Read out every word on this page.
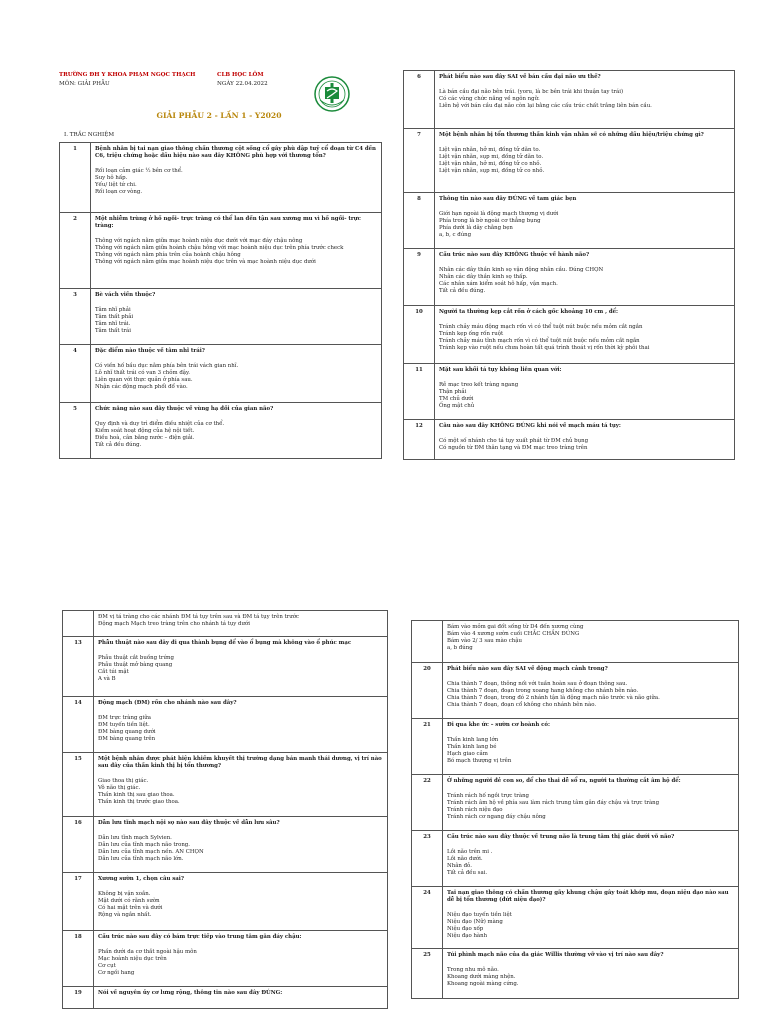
TRƯỜNG ĐH Y KHOA PHẠM NGỌC THẠCH
MÔN: GIẢI PHẪU
CLB HỌC LÔM
NGÀY 22.04.2022
GIẢI PHẪU 2 - LẦN 1 - Y2020
I. TRẮC NGHIỆM
1	Bệnh nhân bị tai nạn giao thông chấn thương cột sống cổ gây phù dập tuỷ cổ đoạn từ C4 đến C6, triệu chứng hoặc dấu hiệu nào sau đây KHÔNG phù hợp với thương tổn?
Rối loạn cảm giác ½ bên cơ thể.
Suy hô hấp.
Yếu/ liệt tứ chi.
Rối loạn cơ vòng.

2	Một nhiễm trùng ở hố ngồi- trực tràng có thể lan đến tận sau xương mu vì hố ngồi- trực tràng:
Thông với ngách nằm giữa mạc hoành niệu dục dưới với mạc đáy chậu nông
Thông với ngách nằm giữa hoành chậu hông với mạc hoành niệu dục trên phía trước check
Thông với ngách nằm phía trên của hoành chậu hông
Thông với ngách nằm giữa mạc hoành niệu dục trên và mạc hoành niệu dục dưới

3	Bè vách viền thuộc?
Tâm nhĩ phải
Tâm thất phải
Tâm nhĩ trái.
Tâm thất trái

4	Đặc điểm nào thuộc về tâm nhĩ trái?
Có viền hố bầu dục nằm phía bên trái vách gian nhĩ.
Lỗ nhĩ thất trái có van 3 chỏm đậy.
Liên quan với thực quản ở phía sau.
Nhận các động mạch phổi đổ vào.

5	Chức năng nào sau đây thuộc về vùng hạ đồi của gian não?
Quy định và duy trì điểm điều nhiệt của cơ thể.
Kiểm soát hoạt động của hệ nội tiết.
Điều hoà, cân bằng nước – điện giải.
Tất cả đều đúng.
6	Phát biểu nào sau đây SAI về bán cầu đại não ưu thế?
Là bán cầu đại não bên trái. (yoru, là bc bên trái khi thuận tay trái)
Có các vùng chức năng về ngôn ngữ.
Liên hệ với bán cầu đại não còn lại bằng các cấu trúc chất trắng liên bán cầu.

7	Một bệnh nhân bị tổn thương thần kinh vận nhãn sẽ có những dấu hiệu/triệu chứng gì?
Liệt vận nhãn, hở mi, đồng tử dãn to.
Liệt vận nhãn, sụp mi, đồng tử dãn to.
Liệt vận nhãn, hở mi, đồng tử co nhỏ.
Liệt vận nhãn, sụp mi, đồng tử co nhỏ.

8	Thông tin nào sau đây ĐÚNG về tam giác bẹn
Giới hạn ngoài là động mạch thượng vị dưới
Phía trong là bờ ngoài cơ thẳng bụng
Phía dưới là dây chằng bẹn
a, b, c đúng

9	Cấu trúc nào sau đây KHÔNG thuộc về hành não?
Nhân các dây thần kinh sọ vận động nhãn cầu. Đúng CHỌN
Nhân các dây thần kinh sọ thấp.
Các nhân xám kiểm soát hô hấp, vận mạch.
Tất cả đều đúng.

10	Người ta thường kẹp cắt rốn ở cách gốc khoảng 10 cm , để:
Tránh chảy máu động mạch rốn vì có thể tuột nút buộc nếu mỏm cắt ngắn
Tránh kẹp ống rốn ruột
Tránh chảy máu tĩnh mạch rốn vì có thể tuột nút buộc nếu mỏm cắt ngắn
Tránh kẹp vào ruột nếu chưa hoàn tất quá trình thoát vị rốn thời kỳ phôi thai

11	Mặt sau khối tá tụy không liên quan với:
Rễ mạc treo kết tràng ngang
Thận phải
TM chủ dưới
Ống mật chủ

12	Câu nào sau đây KHÔNG ĐÚNG khi nói về mạch máu tá tụy:
Có một số nhánh cho tá tụy xuất phát từ ĐM chủ bụng
Có nguồn từ ĐM thân tạng và ĐM mạc treo tràng trên

	ĐM vị tá tràng cho các nhánh ĐM tá tụy trên sau và ĐM tá tụy trên trước
Động mạch Mạch treo tràng trên cho nhánh tá tụy dưới

13	Phẫu thuật nào sau đây đi qua thành bụng để vào ổ bụng mà không vào ổ phúc mạc
Phẫu thuật cắt buồng trứng
Phẫu thuật mở bàng quang
Cắt túi mật
A và B

14	Động mạch (ĐM) rốn cho nhánh nào sau đây?
ĐM trực tràng giữa
ĐM tuyến tiền liệt.
ĐM bàng quang dưới
ĐM bàng quang trên

15	Một bệnh nhân được phát hiện khiếm khuyết thị trường dạng bán manh thái dương, vị trí nào sau đây của thần kinh thị bị tổn thương?
Giao thoa thị giác.
Võ não thị giác.
Thần kinh thị sau giao thoa.
Thần kinh thị trước giao thoa.

16	Dẫn lưu tĩnh mạch nội sọ nào sau đây thuộc về dẫn lưu sâu?
Dẫn lưu tĩnh mạch Sylvien.
Dẫn lưu của tĩnh mạch não trong.
Dẫn lưu của tĩnh mạch nền. AN CHỌN
Dẫn lưu của tĩnh mạch não lớn.

17	Xương sườn 1, chọn câu sai?
Không bị vặn xoắn.
Mặt dưới có rãnh sườn
Có hai mặt trên và dưới
Rộng và ngắn nhất.

18	Cấu trúc nào sau đây có bám trực tiếp vào trung tâm gân đáy chậu:
Phần dưới da cơ thắt ngoài hậu môn
Mạc hoành niệu dục trên
Cơ cụt
Cơ ngồi hang

19	Nói về nguyên ủy cơ lưng rộng, thông tin nào sau đây ĐÚNG:

	Bám vào mỏm gai đốt sống từ D4 đến xương cùng
Bám vào 4 xương sườn cuối CHẮC CHẮN ĐÚNG
Bám vào 2/ 3 sau mào chậu
a, b đúng

20	Phát biểu nào sau đây SAI về động mạch cảnh trong?
Chia thành 7 đoạn, thông nối với tuần hoàn sau ở đoạn thông sau.
Chia thành 7 đoạn, đoạn trong xoang hang không cho nhánh bên nào.
Chia thành 7 đoạn, trong đó 2 nhánh tận là động mạch não trước và não giữa.
Chia thành 7 đoạn, đoạn cổ không cho nhánh bên nào.

21	Đi qua khe ức – sườn cơ hoành có:
Thần kinh lang lớn
Thần kinh lang bé
Hạch giao cảm
Bó mạch thượng vị trên

22	Ở những người đẻ con so, để cho thai dễ sổ ra, người ta thường cắt âm hộ để:
Tránh rách hố ngồi trực tràng
Tránh rách âm hộ về phía sau làm rách trung tâm gân đáy chậu và trực tràng
Tránh rách niệu đạo
Tránh rách cơ ngang đáy chậu nông

23	Cấu trúc nào sau đây thuộc về trung não là trung tâm thị giác dưới võ não?
Lồi não trên mi .
Lồi não dưới.
Nhân đỏ.
Tất cả đều sai.

24	Tai nạn giao thông có chấn thương gãy khung chậu gây toát khớp mu, đoạn niệu đạo nào sau dễ bị tổn thương (đứt niệu đạo)?
Niệu đạo tuyến tiền liệt
Niệu đạo (Nữ) màng
Niệu đạo xốp
Niệu đạo hành

25	Túi phình mạch não của đa giác Willis thường vỡ vào vị trí nào sau đây?
Trong nhu mô não.
Khoang dưới màng nhện.
Khoang ngoài màng cứng.
